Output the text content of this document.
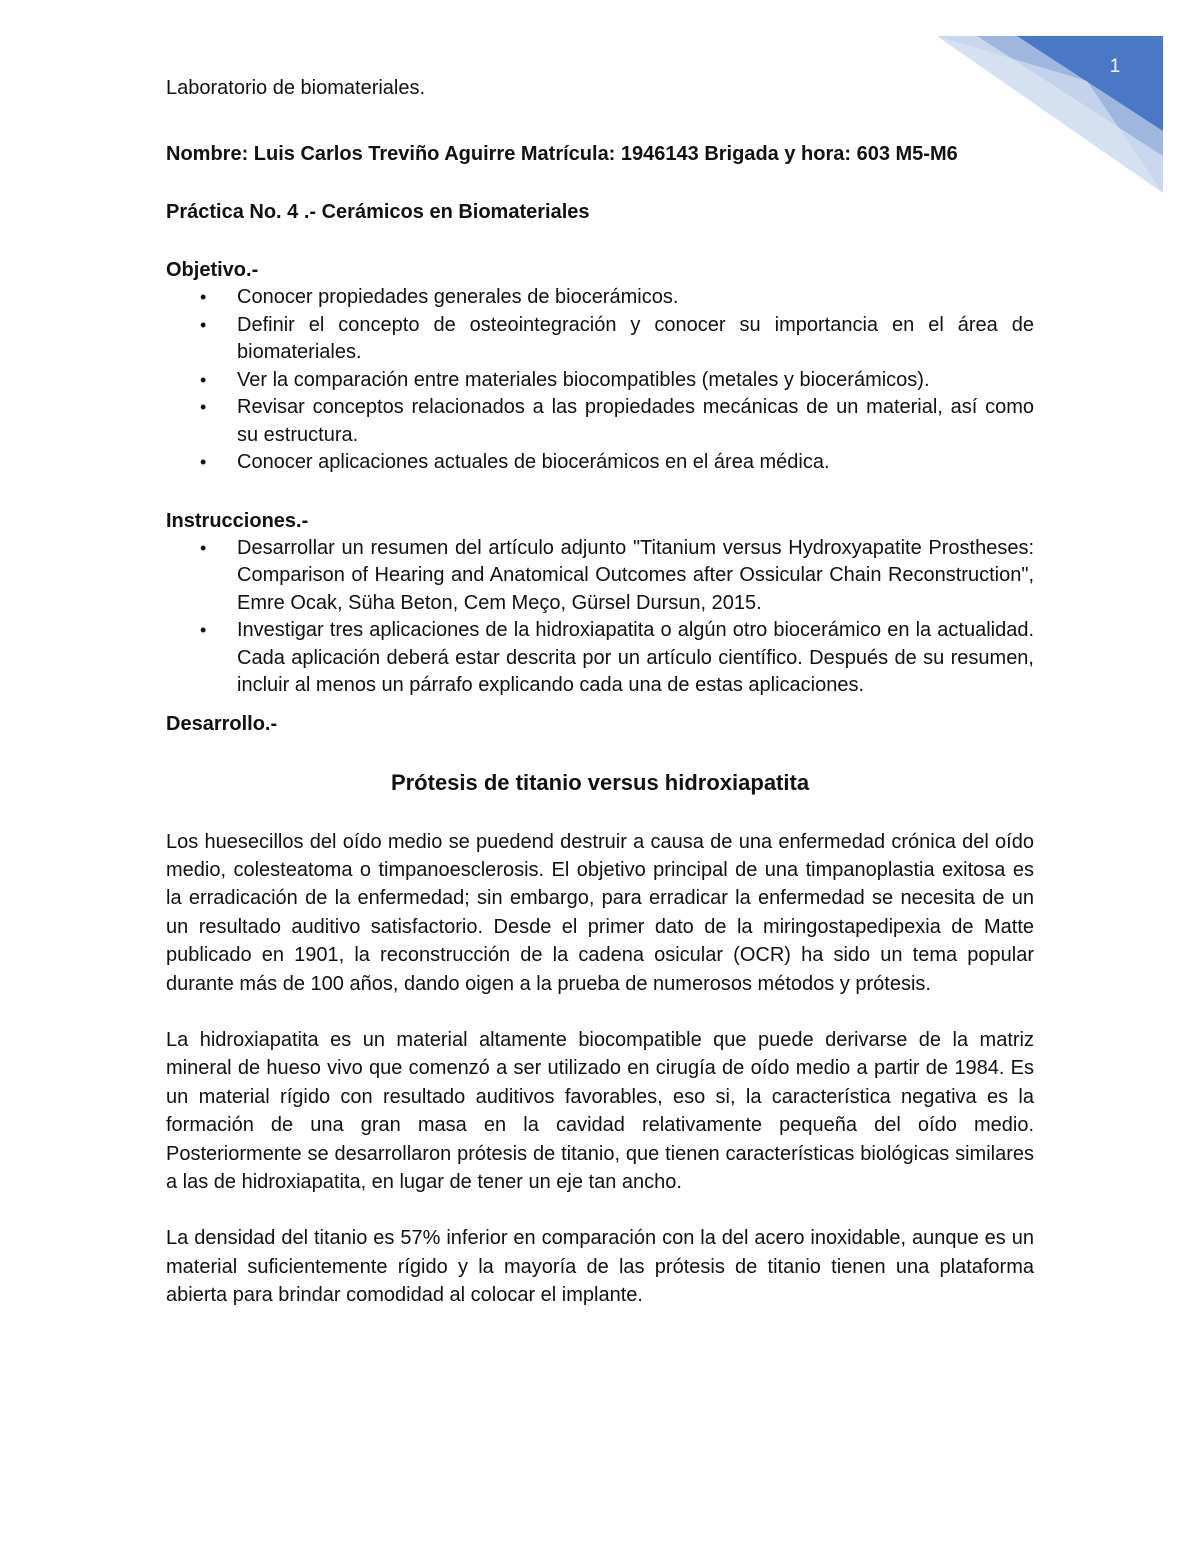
1

Laboratorio de biomateriales.

Nombre: Luis Carlos Treviño Aguirre Matrícula: 1946143 Brigada y hora: 603 M5-M6

Práctica No. 4 .- Cerámicos en Biomateriales

Objetivo.-

• Conocer propiedades generales de biocerámicos.
• Definir el concepto de osteointegración y conocer su importancia en el área de biomateriales.
• Ver la comparación entre materiales biocompatibles (metales y biocerámicos).
• Revisar conceptos relacionados a las propiedades mecánicas de un material, así como su estructura.
• Conocer aplicaciones actuales de biocerámicos en el área médica.

Instrucciones.-

• Desarrollar un resumen del artículo adjunto "Titanium versus Hydroxyapatite Prostheses: Comparison of Hearing and Anatomical Outcomes after Ossicular Chain Reconstruction", Emre Ocak, Süha Beton, Cem Meço, Gürsel Dursun, 2015.
• Investigar tres aplicaciones de la hidroxiapatita o algún otro biocerámico en la actualidad. Cada aplicación deberá estar descrita por un artículo científico. Después de su resumen, incluir al menos un párrafo explicando cada una de estas aplicaciones.

Desarrollo.-

Prótesis de titanio versus hidroxiapatita

Los huesecillos del oído medio se puedend destruir a causa de una enfermedad crónica del oído medio, colesteatoma o timpanoesclerosis. El objetivo principal de una timpanoplastia exitosa es la erradicación de la enfermedad; sin embargo, para erradicar la enfermedad se necesita de un un resultado auditivo satisfactorio. Desde el primer dato de la miringostapedipexia de Matte publicado en 1901, la reconstrucción de la cadena osicular (OCR) ha sido un tema popular durante más de 100 años, dando oigen a la prueba de numerosos métodos y prótesis.

La hidroxiapatita es un material altamente biocompatible que puede derivarse de la matriz mineral de hueso vivo que comenzó a ser utilizado en cirugía de oído medio a partir de 1984. Es un material rígido con resultado auditivos favorables, eso si, la característica negativa es la formación de una gran masa en la cavidad relativamente pequeña del oído medio. Posteriormente se desarrollaron prótesis de titanio, que tienen características biológicas similares a las de hidroxiapatita, en lugar de tener un eje tan ancho.

La densidad del titanio es 57% inferior en comparación con la del acero inoxidable, aunque es un material suficientemente rígido y la mayoría de las prótesis de titanio tienen una plataforma abierta para brindar comodidad al colocar el implante.
